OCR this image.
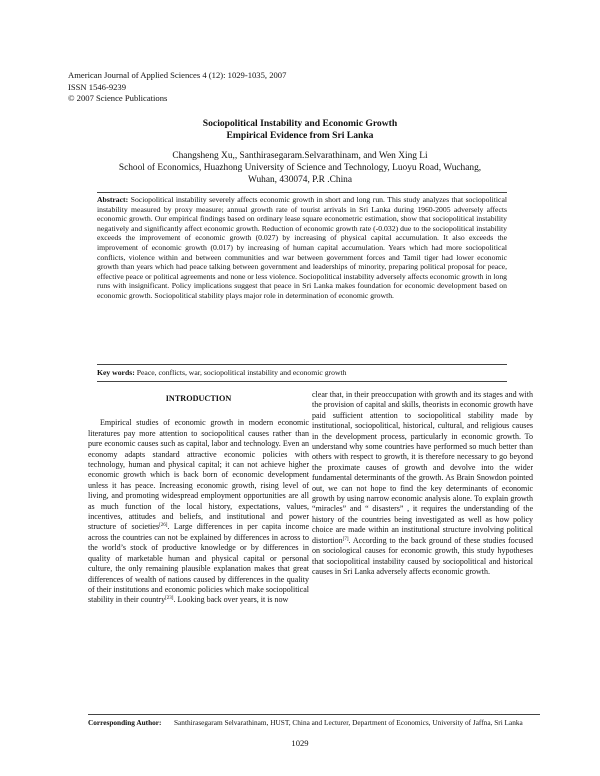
American Journal of Applied Sciences 4 (12): 1029-1035, 2007
ISSN 1546-9239
© 2007 Science Publications
Sociopolitical Instability and Economic Growth
Empirical Evidence from Sri Lanka
Changsheng Xu,, Santhirasegaram.Selvarathinam, and Wen Xing Li
School of Economics, Huazhong University of Science and Technology, Luoyu Road, Wuchang,
Wuhan, 430074, P.R .China
Abstract: Sociopolitical instability severely affects economic growth in short and long run. This study analyzes that sociopolitical instability measured by proxy measure; annual growth rate of tourist arrivals in Sri Lanka during 1960-2005 adversely affects economic growth. Our empirical findings based on ordinary lease square econometric estimation, show that sociopolitical instability negatively and significantly affect economic growth. Reduction of economic growth rate (-0.032) due to the sociopolitical instability exceeds the improvement of economic growth (0.027) by increasing of physical capital accumulation. It also exceeds the improvement of economic growth (0.017) by increasing of human capital accumulation. Years which had more sociopolitical conflicts, violence within and between communities and war between government forces and Tamil tiger had lower economic growth than years which had peace talking between government and leaderships of minority, preparing political proposal for peace, effective peace or political agreements and none or less violence. Sociopolitical instability adversely affects economic growth in long runs with insignificant. Policy implications suggest that peace in Sri Lanka makes foundation for economic development based on economic growth. Sociopolitical stability plays major role in determination of economic growth.
Key words: Peace, conflicts, war, sociopolitical instability and economic growth
INTRODUCTION

Empirical studies of economic growth in modern economic literatures pay more attention to sociopolitical causes rather than pure economic causes such as capital, labor and technology. Even an economy adapts standard attractive economic policies with technology, human and physical capital; it can not achieve higher economic growth which is back born of economic development unless it has peace. Increasing economic growth, rising level of living, and promoting widespread employment opportunities are all as much function of the local history, expectations, values, incentives, attitudes and beliefs, and institutional and power structure of societies[26]. Large differences in per capita income across the countries can not be explained by differences in across to the world’s stock of productive knowledge or by differences in quality of marketable human and physical capital or personal culture, the only remaining plausible explanation makes that great differences of wealth of nations caused by differences in the quality of their institutions and economic policies which make sociopolitical stability in their country[23]. Looking back over years, it is now

clear that, in their preoccupation with growth and its stages and with the provision of capital and skills, theorists in economic growth have paid sufficient attention to sociopolitical stability made by institutional, sociopolitical, historical, cultural, and religious causes in the development process, particularly in economic growth. To understand why some countries have performed so much better than others with respect to growth, it is therefore necessary to go beyond the proximate causes of growth and devolve into the wider fundamental determinants of the growth. As Brain Snowdon pointed out, we can not hope to find the key determinants of economic growth by using narrow economic analysis alone. To explain growth “miracles” and “ disasters” , it requires the understanding of the history of the countries being investigated as well as how policy choice are made within an institutional structure involving political distortion[7]. According to the back ground of these studies focused on sociological causes for economic growth, this study hypotheses that sociopolitical instability caused by sociopolitical and historical causes in Sri Lanka adversely affects economic growth.

Corresponding Author: Santhirasegaram Selvarathinam, HUST, China and Lecturer, Department of Economics, University of Jaffna, Sri Lanka
1029
